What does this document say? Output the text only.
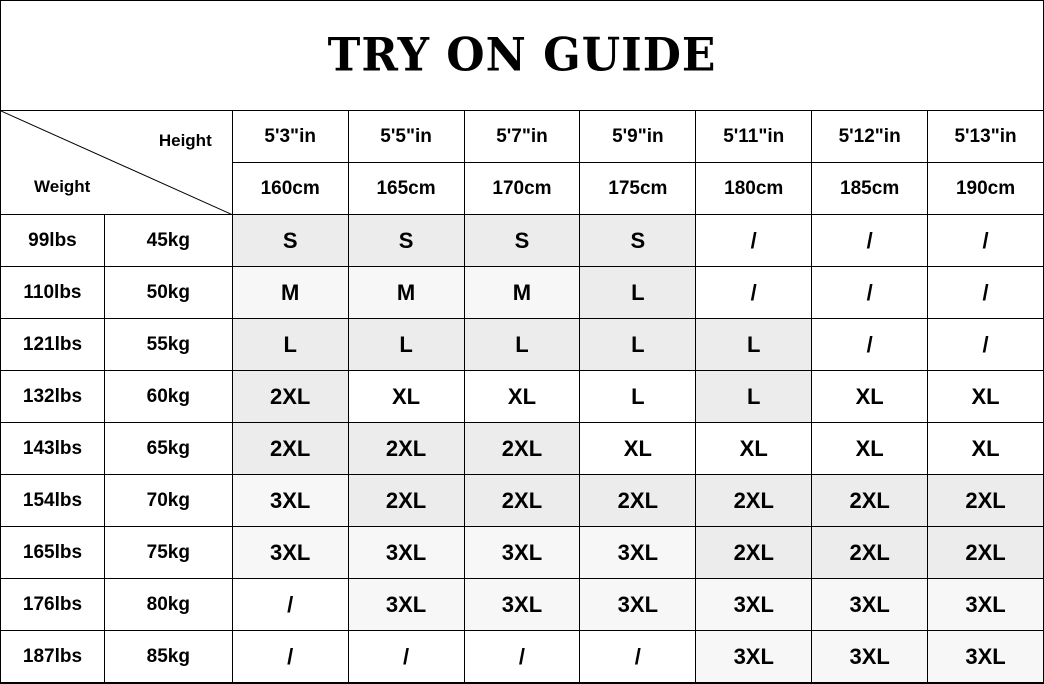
TRY ON GUIDE
Height
Weight		5'3"in	5'5"in	5'7"in	5'9"in	5'11"in	5'12"in	5'13"in
		160cm	165cm	170cm	175cm	180cm	185cm	190cm
99lbs	45kg	S	S	S	S	/	/	/
110lbs	50kg	M	M	M	L	/	/	/
121lbs	55kg	L	L	L	L	L	/	/
132lbs	60kg	2XL	XL	XL	L	L	XL	XL
143lbs	65kg	2XL	2XL	2XL	XL	XL	XL	XL
154lbs	70kg	3XL	2XL	2XL	2XL	2XL	2XL	2XL
165lbs	75kg	3XL	3XL	3XL	3XL	2XL	2XL	2XL
176lbs	80kg	/	3XL	3XL	3XL	3XL	3XL	3XL
187lbs	85kg	/	/	/	/	3XL	3XL	3XL
